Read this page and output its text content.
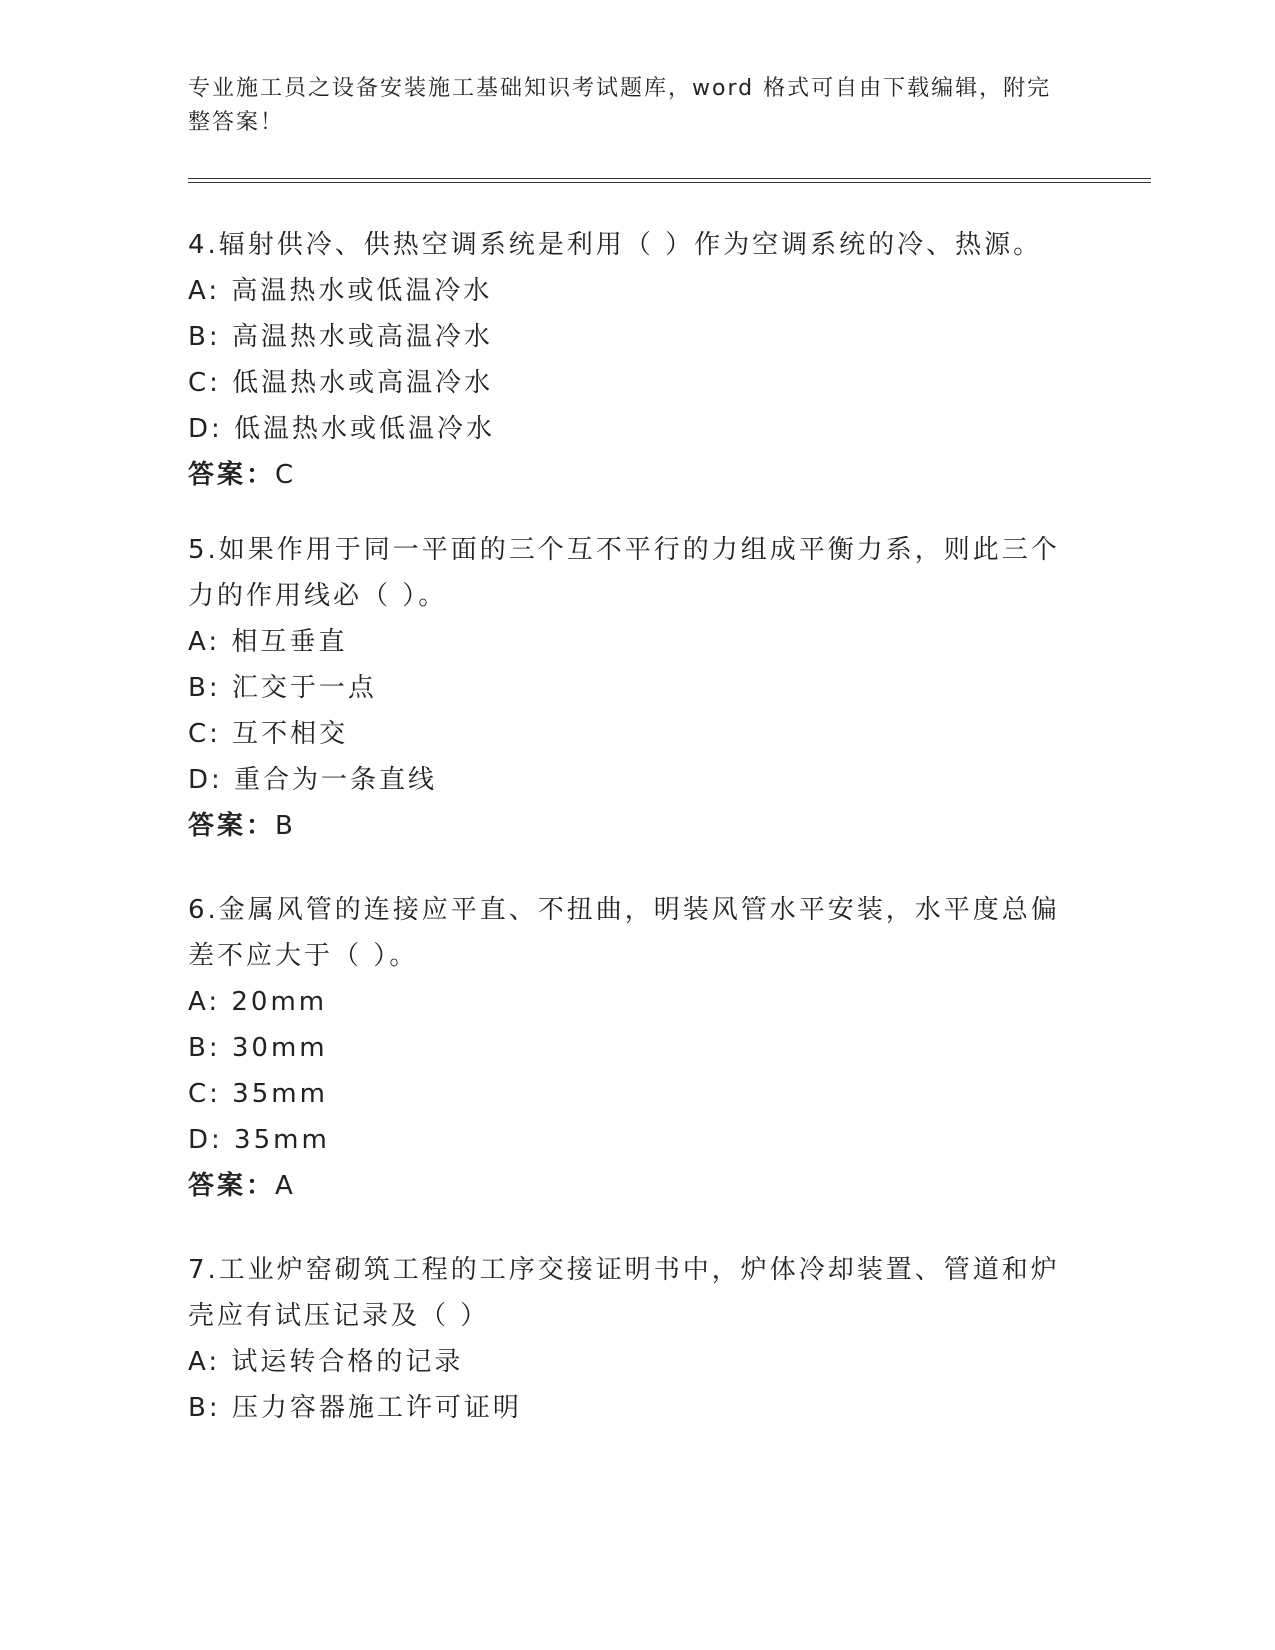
专业施工员之设备安装施工基础知识考试题库，word 格式可自由下载编辑，附完整答案！
4.辐射供冷、供热空调系统是利用（ ）作为空调系统的冷、热源。
A: 高温热水或低温冷水
B: 高温热水或高温冷水
C: 低温热水或高温冷水
D: 低温热水或低温冷水
答案：C
5.如果作用于同一平面的三个互不平行的力组成平衡力系，则此三个力的作用线必（ ）。
A: 相互垂直
B: 汇交于一点
C: 互不相交
D: 重合为一条直线
答案：B
6.金属风管的连接应平直、不扭曲，明装风管水平安装，水平度总偏差不应大于（ ）。
A: 20mm
B: 30mm
C: 35mm
D: 35mm
答案：A
7.工业炉窑砌筑工程的工序交接证明书中，炉体冷却装置、管道和炉壳应有试压记录及（ ）
A: 试运转合格的记录
B: 压力容器施工许可证明
